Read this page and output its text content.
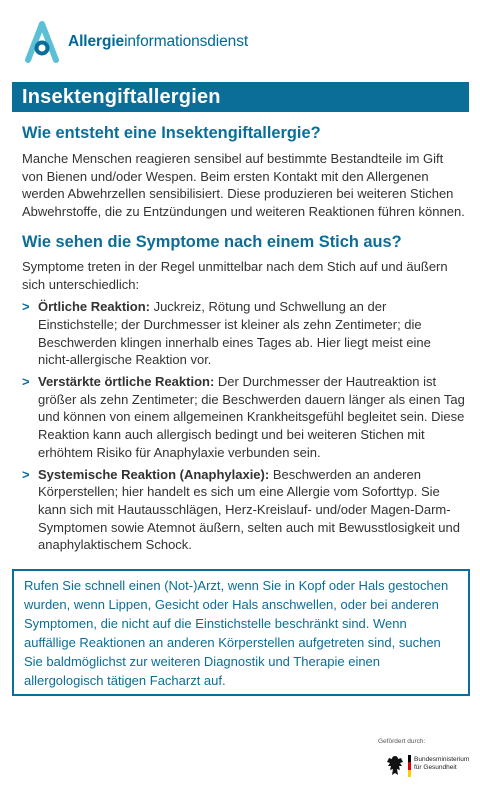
Allergieinformationsdienst
Insektengiftallergien
Wie entsteht eine Insektengiftallergie?

Manche Menschen reagieren sensibel auf bestimmte Bestandteile im Gift von Bienen und/oder Wespen. Beim ersten Kontakt mit den Allergenen werden Abwehrzellen sensibilisiert. Diese produzieren bei weiteren Stichen Abwehrstoffe, die zu Entzündungen und weiteren Reaktionen führen können.

Wie sehen die Symptome nach einem Stich aus?

Symptome treten in der Regel unmittelbar nach dem Stich auf und äußern sich unterschiedlich:

> Örtliche Reaktion: Juckreiz, Rötung und Schwellung an der Einstichstelle; der Durchmesser ist kleiner als zehn Zentimeter; die Beschwerden klingen innerhalb eines Tages ab. Hier liegt meist eine nicht-allergische Reaktion vor.
> Verstärkte örtliche Reaktion: Der Durchmesser der Hautreaktion ist größer als zehn Zentimeter; die Beschwerden dauern länger als einen Tag und können von einem allgemeinen Krankheitsgefühl begleitet sein. Diese Reaktion kann auch allergisch bedingt und bei weiteren Stichen mit erhöhtem Risiko für Anaphylaxie verbunden sein.
> Systemische Reaktion (Anaphylaxie): Beschwerden an anderen Körperstellen; hier handelt es sich um eine Allergie vom Soforttyp. Sie kann sich mit Hautausschlägen, Herz-Kreislauf- und/oder Magen-Darm-Symptomen sowie Atemnot äußern, selten auch mit Bewusstlosigkeit und anaphylaktischem Schock.
Rufen Sie schnell einen (Not-)Arzt, wenn Sie in Kopf oder Hals gestochen wurden, wenn Lippen, Gesicht oder Hals anschwellen, oder bei anderen Symptomen, die nicht auf die Einstichstelle beschränkt sind. Wenn auffällige Reaktionen an anderen Körperstellen aufgetreten sind, suchen Sie baldmöglichst zur weiteren Diagnostik und Therapie einen allergologisch tätigen Facharzt auf.
Gefördert durch:
Bundesministerium
für Gesundheit
